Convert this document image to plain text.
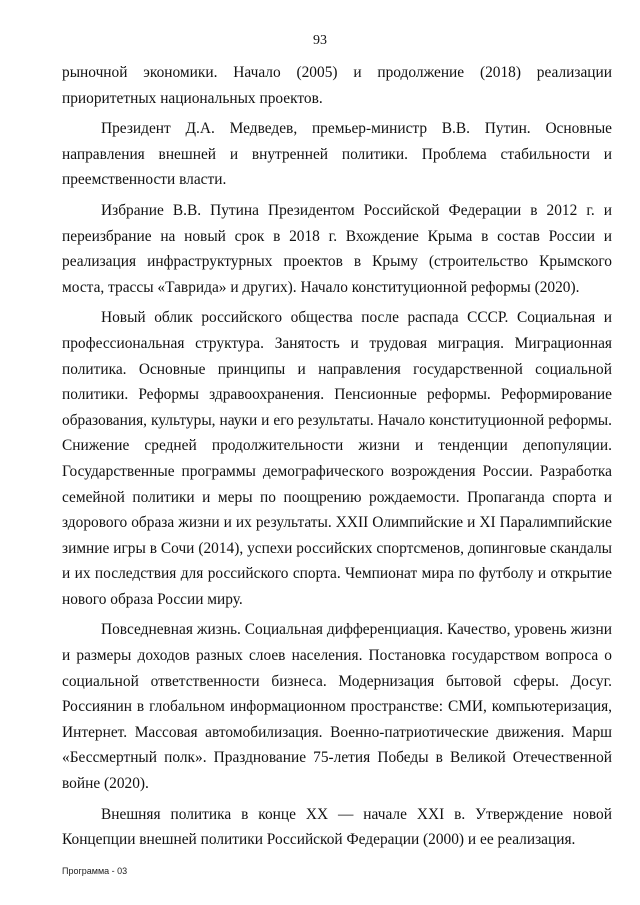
93

рыночной экономики. Начало (2005) и продолжение (2018) реализации приоритетных национальных проектов.

Президент Д.А. Медведев, премьер-министр В.В. Путин. Основные направления внешней и внутренней политики. Проблема стабильности и преемственности власти.

Избрание В.В. Путина Президентом Российской Федерации в 2012 г. и переизбрание на новый срок в 2018 г. Вхождение Крыма в состав России и реализация инфраструктурных проектов в Крыму (строительство Крымского моста, трассы «Таврида» и других). Начало конституционной реформы (2020).

Новый облик российского общества после распада СССР. Социальная и профессиональная структура. Занятость и трудовая миграция. Миграционная политика. Основные принципы и направления государственной социальной политики. Реформы здравоохранения. Пенсионные реформы. Реформирование образования, культуры, науки и его результаты. Начало конституционной реформы. Снижение средней продолжительности жизни и тенденции депопуляции. Государственные программы демографического возрождения России. Разработка семейной политики и меры по поощрению рождаемости. Пропаганда спорта и здорового образа жизни и их результаты. XXII Олимпийские и XI Паралимпийские зимние игры в Сочи (2014), успехи российских спортсменов, допинговые скандалы и их последствия для российского спорта. Чемпионат мира по футболу и открытие нового образа России миру.

Повседневная жизнь. Социальная дифференциация. Качество, уровень жизни и размеры доходов разных слоев населения. Постановка государством вопроса о социальной ответственности бизнеса. Модернизация бытовой сферы. Досуг. Россиянин в глобальном информационном пространстве: СМИ, компьютеризация, Интернет. Массовая автомобилизация. Военно-патриотические движения. Марш «Бессмертный полк». Празднование 75-летия Победы в Великой Отечественной войне (2020).

Внешняя политика в конце XX — начале XXI в. Утверждение новой Концепции внешней политики Российской Федерации (2000) и ее реализация.

Программа - 03
